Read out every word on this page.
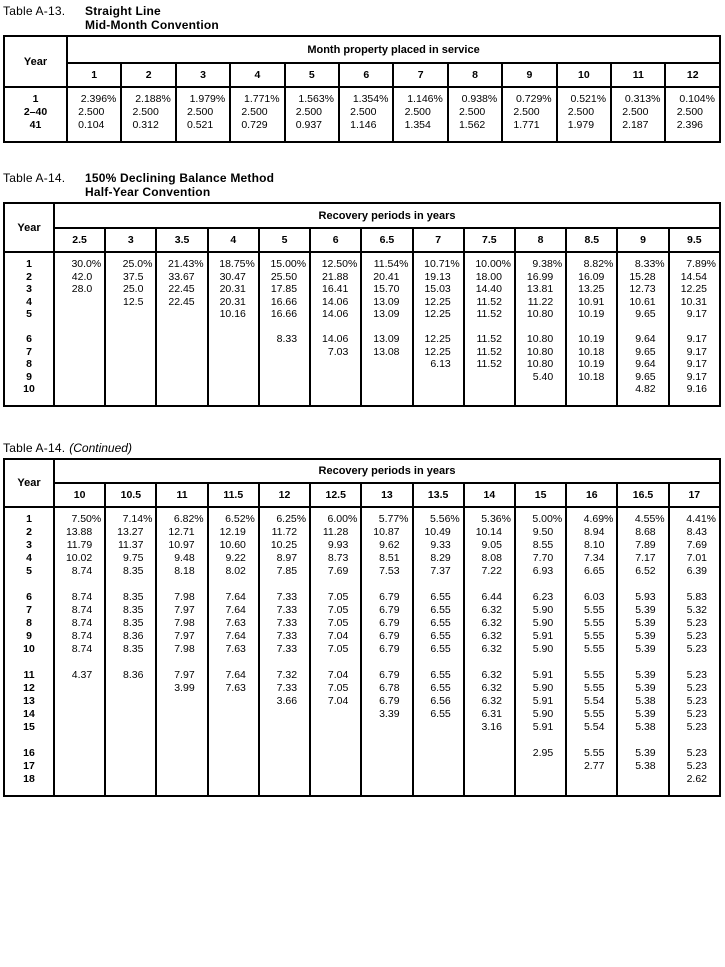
Table A-13.	Straight Line
Mid-Month Convention
Year	Month property placed in service											
	1	2	3	4	5	6	7	8	9	10	11	12
1	2.396%	2.188%	1.979%	1.771%	1.563%	1.354%	1.146%	0.938%	0.729%	0.521%	0.313%	0.104%
2–40	2.500	2.500	2.500	2.500	2.500	2.500	2.500	2.500	2.500	2.500	2.500	2.500
41	0.104	0.312	0.521	0.729	0.937	1.146	1.354	1.562	1.771	1.979	2.187	2.396
Table A-14.	150% Declining Balance Method
Half-Year Convention
Year	Recovery periods in years												
	2.5	3	3.5	4	5	6	6.5	7	7.5	8	8.5	9	9.5
1	30.0%	25.0%	21.43%	18.75%	15.00%	12.50%	11.54%	10.71%	10.00%	9.38%	8.82%	8.33%	7.89%
2	42.0	37.5	33.67	30.47	25.50	21.88	20.41	19.13	18.00	16.99	16.09	15.28	14.54
3	28.0	25.0	22.45	20.31	17.85	16.41	15.70	15.03	14.40	13.81	13.25	12.73	12.25
4		12.5	22.45	20.31	16.66	14.06	13.09	12.25	11.52	11.22	10.91	10.61	10.31
5				10.16	16.66	14.06	13.09	12.25	11.52	10.80	10.19	9.65	9.17

6					8.33	14.06	13.09	12.25	11.52	10.80	10.19	9.64	9.17
7						7.03	13.08	12.25	11.52	10.80	10.18	9.65	9.17
8								6.13	11.52	10.80	10.19	9.64	9.17
9										5.40	10.18	9.65	9.17
10												4.82	9.16
Table A-14. (Continued)
Year	Recovery periods in years												
	10	10.5	11	11.5	12	12.5	13	13.5	14	15	16	16.5	17
1	7.50%	7.14%	6.82%	6.52%	6.25%	6.00%	5.77%	5.56%	5.36%	5.00%	4.69%	4.55%	4.41%
2	13.88	13.27	12.71	12.19	11.72	11.28	10.87	10.49	10.14	9.50	8.94	8.68	8.43
3	11.79	11.37	10.97	10.60	10.25	9.93	9.62	9.33	9.05	8.55	8.10	7.89	7.69
4	10.02	9.75	9.48	9.22	8.97	8.73	8.51	8.29	8.08	7.70	7.34	7.17	7.01
5	8.74	8.35	8.18	8.02	7.85	7.69	7.53	7.37	7.22	6.93	6.65	6.52	6.39

6	8.74	8.35	7.98	7.64	7.33	7.05	6.79	6.55	6.44	6.23	6.03	5.93	5.83
7	8.74	8.35	7.97	7.64	7.33	7.05	6.79	6.55	6.32	5.90	5.55	5.39	5.32
8	8.74	8.35	7.98	7.63	7.33	7.05	6.79	6.55	6.32	5.90	5.55	5.39	5.23
9	8.74	8.36	7.97	7.64	7.33	7.04	6.79	6.55	6.32	5.91	5.55	5.39	5.23
10	8.74	8.35	7.98	7.63	7.33	7.05	6.79	6.55	6.32	5.90	5.55	5.39	5.23

11	4.37	8.36	7.97	7.64	7.32	7.04	6.79	6.55	6.32	5.91	5.55	5.39	5.23
12			3.99	7.63	7.33	7.05	6.78	6.55	6.32	5.90	5.55	5.39	5.23
13					3.66	7.04	6.79	6.56	6.32	5.91	5.54	5.38	5.23
14							3.39	6.55	6.31	5.90	5.55	5.39	5.23
15									3.16	5.91	5.54	5.38	5.23

16										2.95	5.55	5.39	5.23
17											2.77	5.38	5.23
18													2.62
